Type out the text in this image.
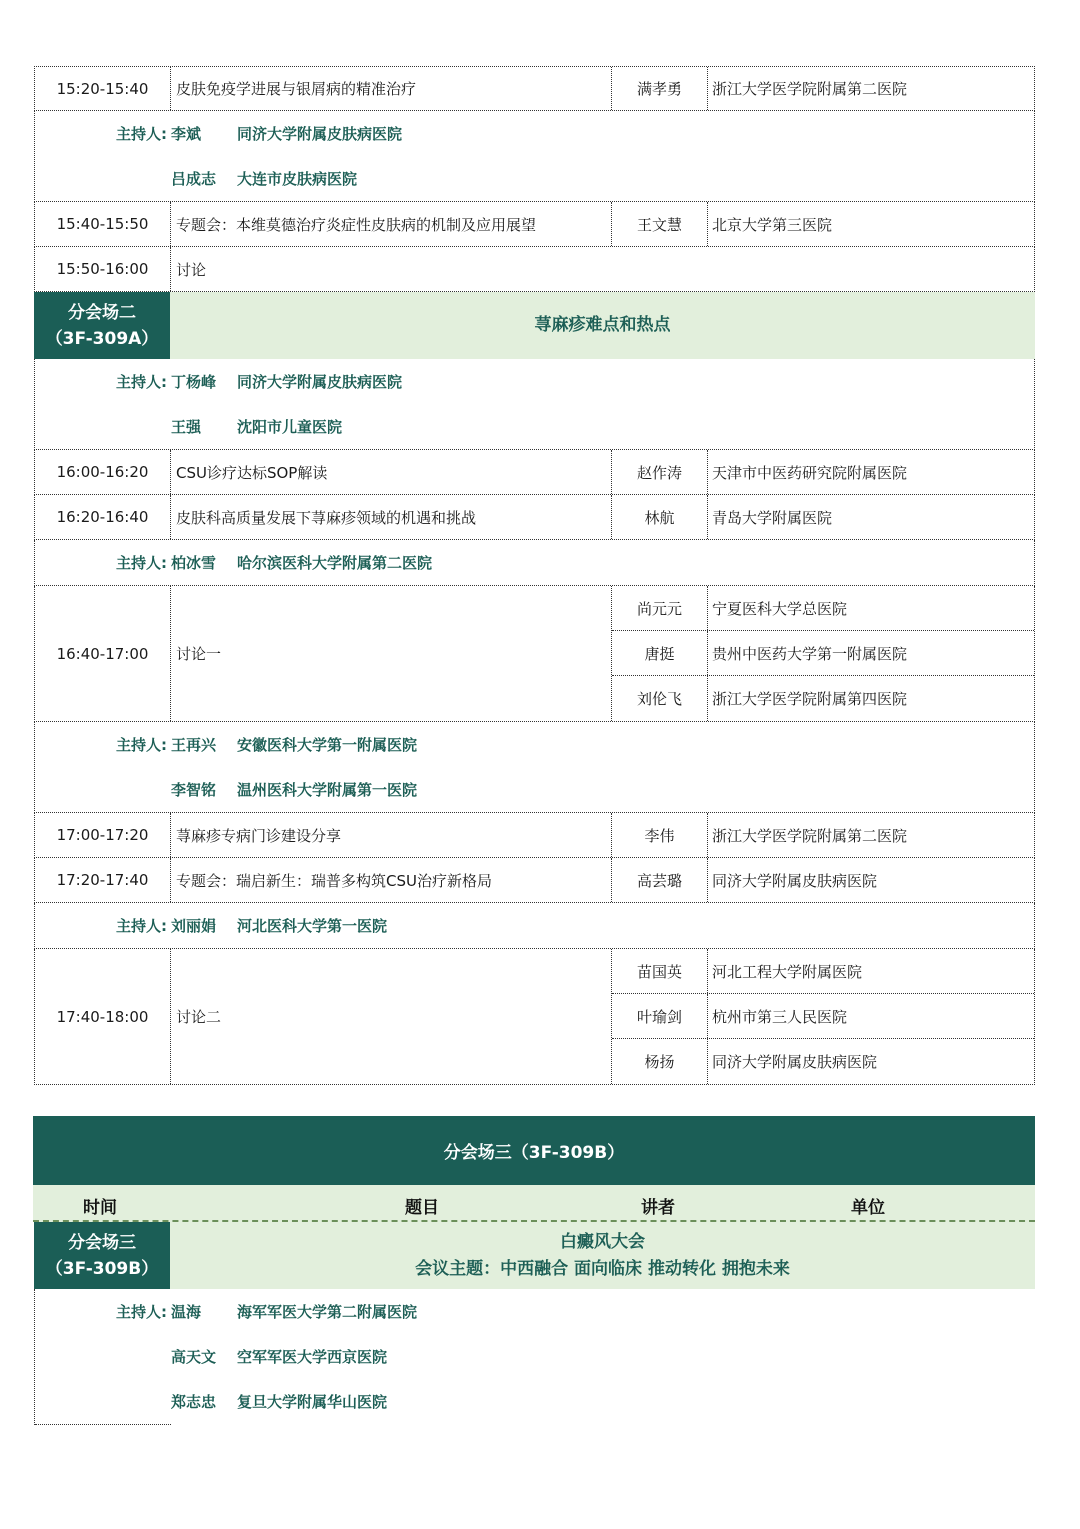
15:20-15:40	皮肤免疫学进展与银屑病的精准治疗	满孝勇	浙江大学医学院附属第二医院
主持人: 李斌	同济大学附属皮肤病医院
吕成志	大连市皮肤病医院
15:40-15:50	专题会：本维莫德治疗炎症性皮肤病的机制及应用展望	王文慧	北京大学第三医院
15:50-16:00	讨论
分会场二
（3F-309A）
荨麻疹难点和热点
主持人: 丁杨峰	同济大学附属皮肤病医院
王强	沈阳市儿童医院
16:00-16:20	CSU诊疗达标SOP解读	赵作涛	天津市中医药研究院附属医院
16:20-16:40	皮肤科高质量发展下荨麻疹领域的机遇和挑战	林航	青岛大学附属医院
主持人: 柏冰雪	哈尔滨医科大学附属第二医院
16:40-17:00	讨论一
尚元元	宁夏医科大学总医院
唐挺	贵州中医药大学第一附属医院
刘伦飞	浙江大学医学院附属第四医院
主持人: 王再兴	安徽医科大学第一附属医院
李智铭	温州医科大学附属第一医院
17:00-17:20	荨麻疹专病门诊建设分享	李伟	浙江大学医学院附属第二医院
17:20-17:40	专题会：瑞启新生：瑞普多构筑CSU治疗新格局	高芸璐	同济大学附属皮肤病医院
主持人: 刘丽娟	河北医科大学第一医院
17:40-18:00	讨论二
苗国英	河北工程大学附属医院
叶瑜剑	杭州市第三人民医院
杨扬	同济大学附属皮肤病医院
分会场三（3F-309B）
时间	题目	讲者	单位
分会场三
（3F-309B）
白癜风大会
会议主题：中西融合 面向临床 推动转化 拥抱未来
主持人: 温海	海军军医大学第二附属医院
高天文	空军军医大学西京医院
郑志忠	复旦大学附属华山医院
